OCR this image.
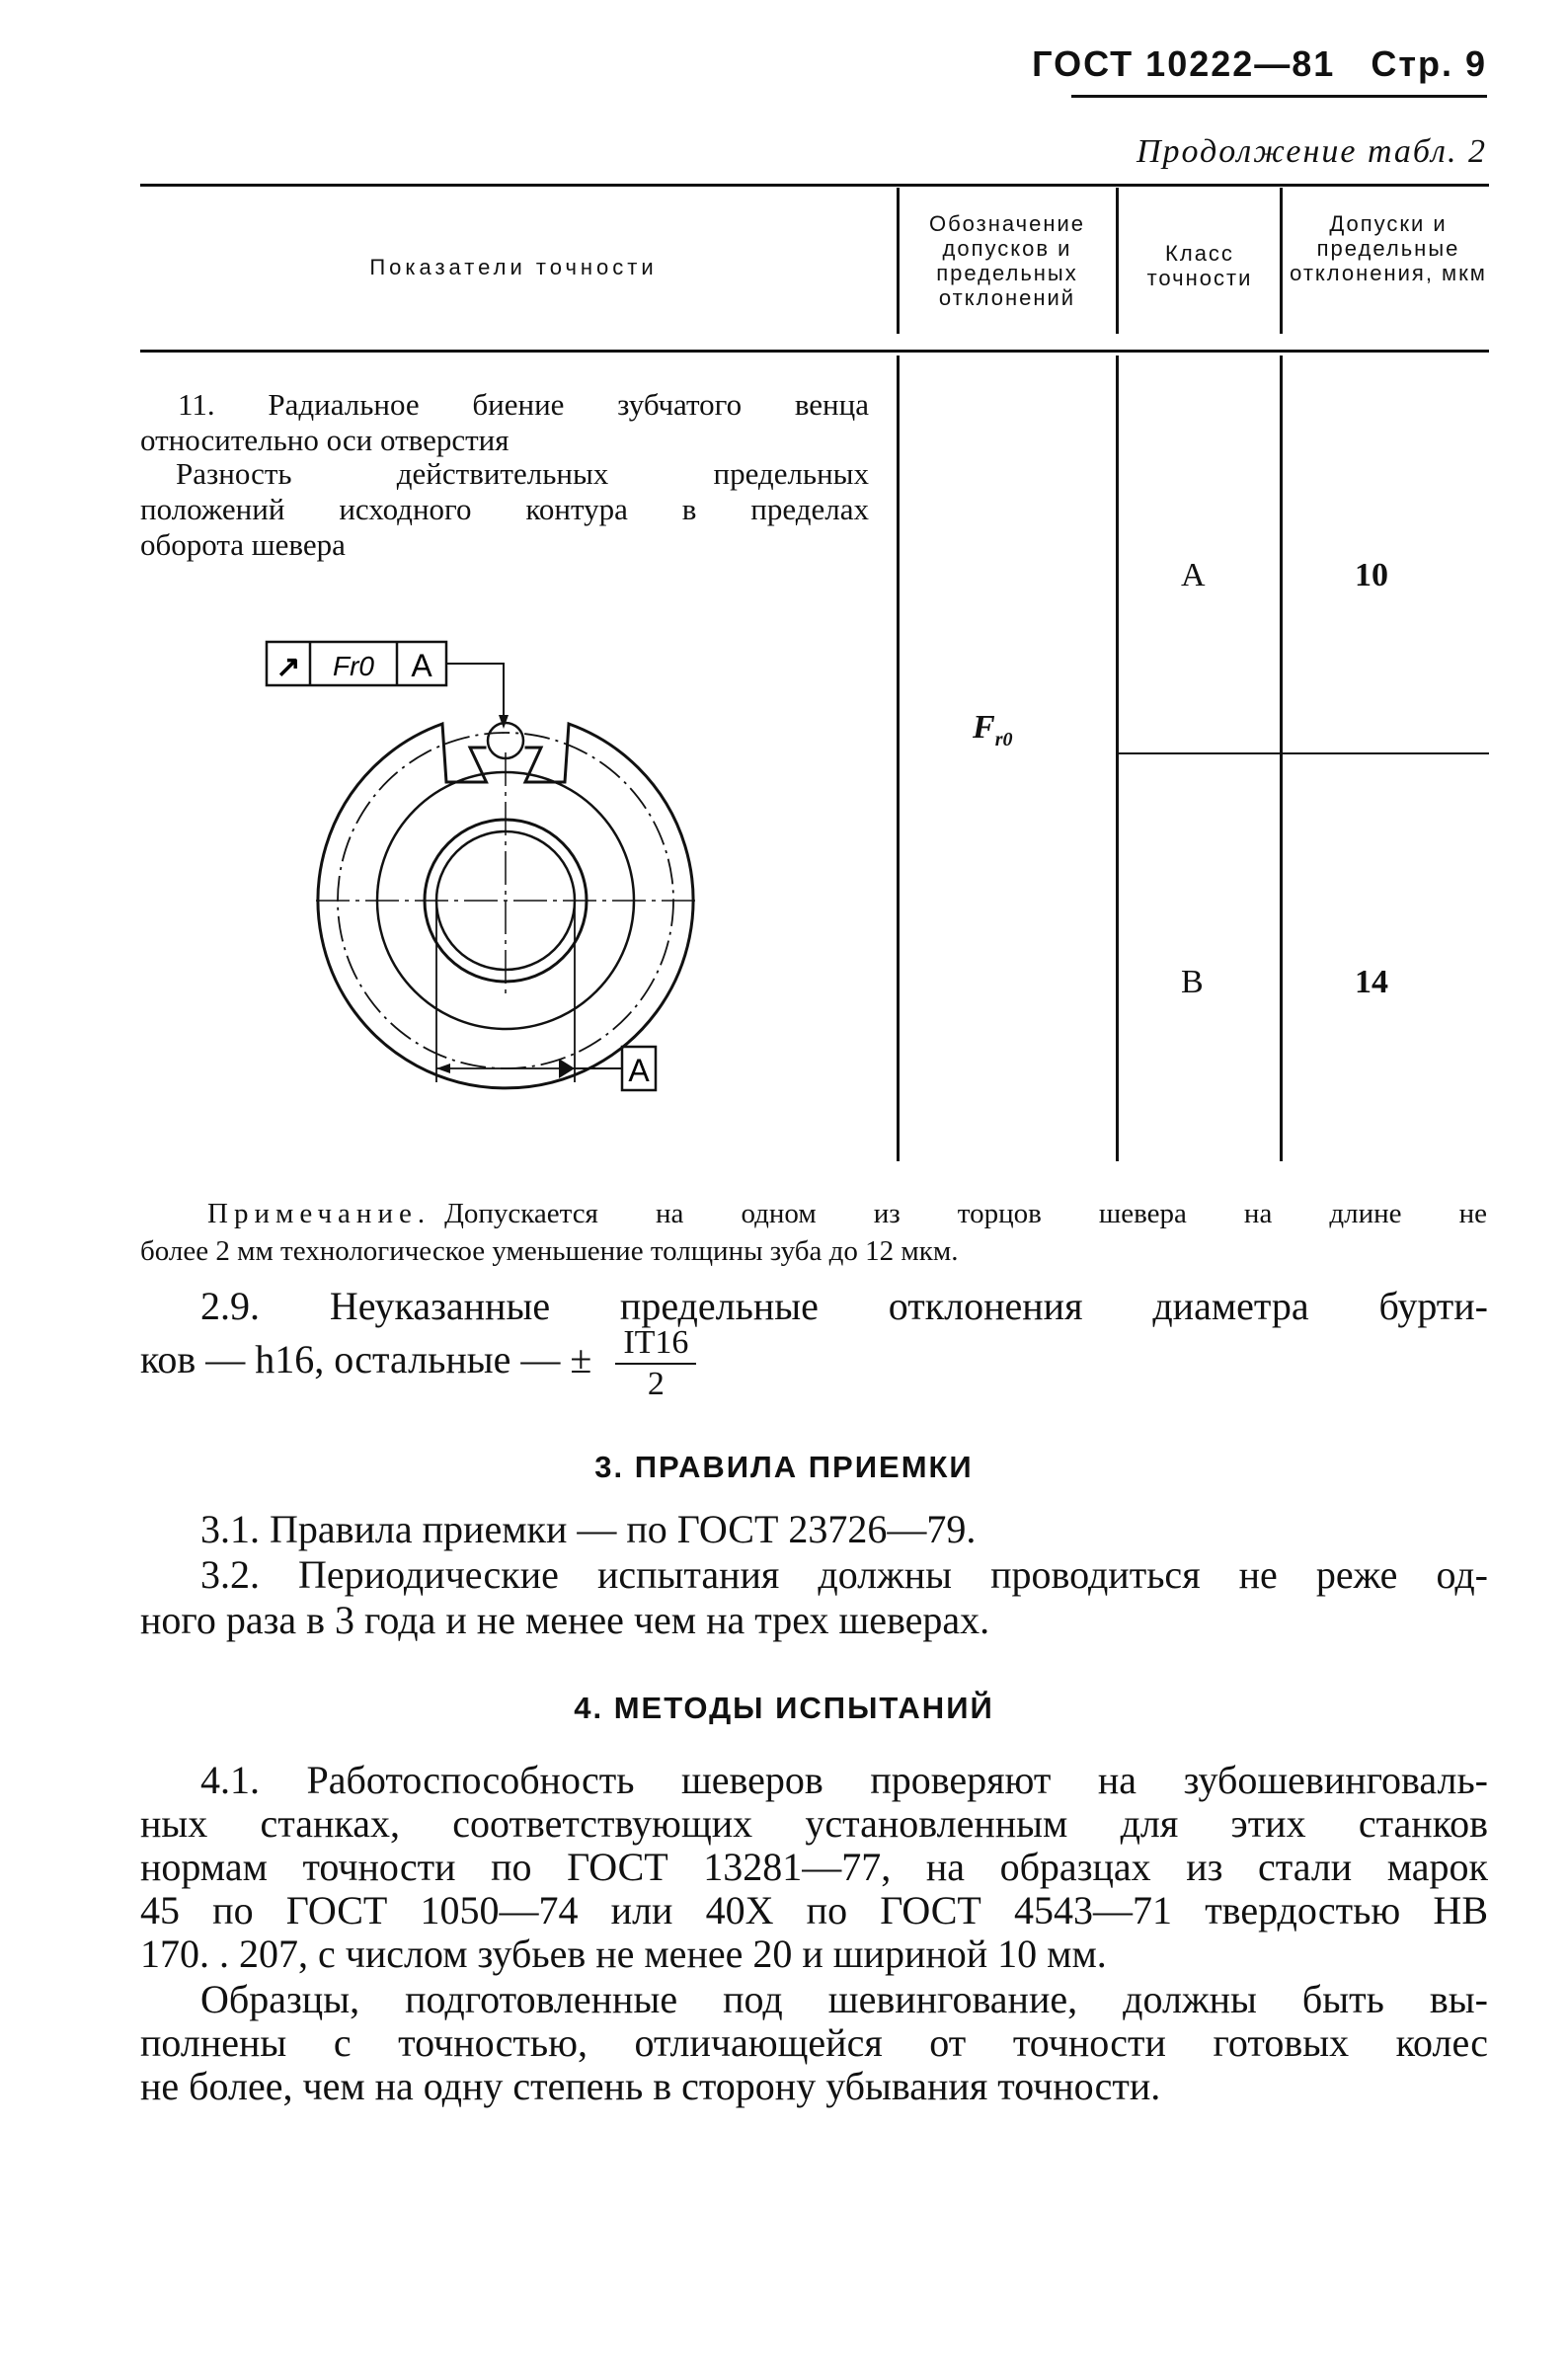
ГОСТ 10222—81 Стр. 9
Продолжение табл. 2
Показатели точности
Обозначение допусков и предельных отклонений
Класс точности
Допуски и предельные отклонения, мкм
11. Радиальное биение зубчатого венца
относительно оси отверстия
Разность действительных предельных
положений исходного контура в пределах
оборота шевера
$F_{r0}$
А	10
В	14
↗ Fr0 A
A
Примечание. Допускается на одном из торцов шевера на длине не
более 2 мм технологическое уменьшение толщины зуба до 12 мкм.
2.9. Неуказанные предельные отклонения диаметра бурти-
ков — h16, остальные — ± $\frac{IT16}{2}$
3. ПРАВИЛА ПРИЕМКИ
3.1. Правила приемки — по ГОСТ 23726—79.
3.2. Периодические испытания должны проводиться не реже од-
ного раза в 3 года и не менее чем на трех шеверах.
4. МЕТОДЫ ИСПЫТАНИЙ
4.1. Работоспособность шеверов проверяют на зубошевинговаль-
ных станках, соответствующих установленным для этих станков
нормам точности по ГОСТ 13281—77, на образцах из стали марок
45 по ГОСТ 1050—74 или 40Х по ГОСТ 4543—71 твердостью НВ
170. . 207, с числом зубьев не менее 20 и шириной 10 мм.
Образцы, подготовленные под шевингование, должны быть вы-
полнены с точностью, отличающейся от точности готовых колес
не более, чем на одну степень в сторону убывания точности.
